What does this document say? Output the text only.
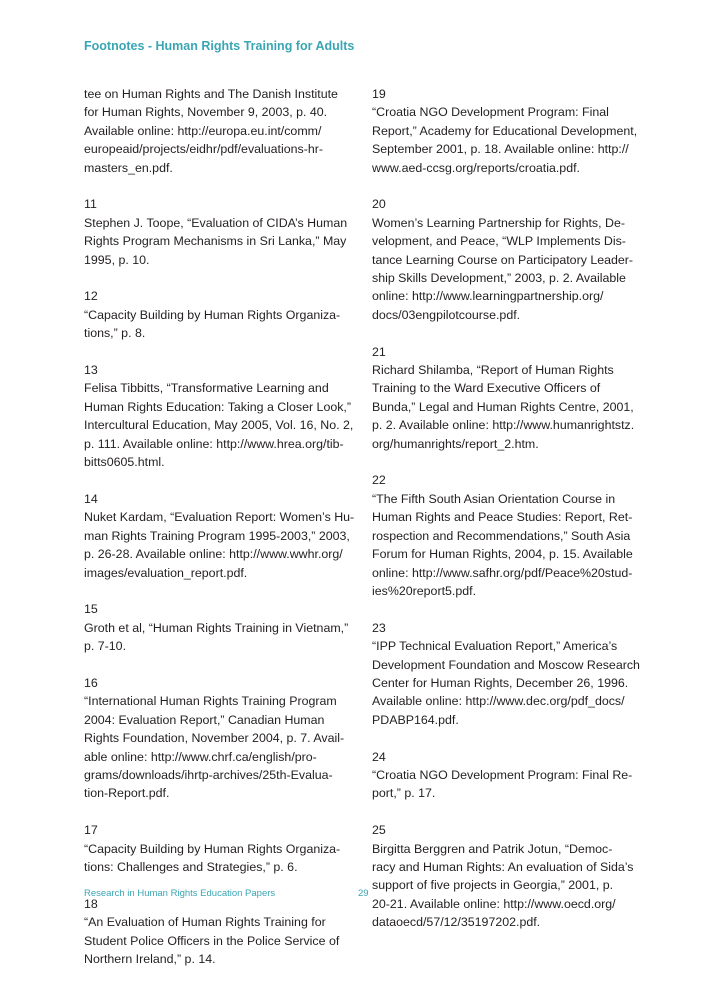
Footnotes - Human Rights Training for Adults
tee on Human Rights and The Danish Institute
for Human Rights, November 9, 2003, p. 40.
Available online: http://europa.eu.int/comm/
europeaid/projects/eidhr/pdf/evaluations-hr-
masters_en.pdf.
11
Stephen J. Toope, “Evaluation of CIDA’s Human
Rights Program Mechanisms in Sri Lanka,” May
1995, p. 10.
12
“Capacity Building by Human Rights Organiza-
tions,” p. 8.
13
Felisa Tibbitts, “Transformative Learning and
Human Rights Education: Taking a Closer Look,”
Intercultural Education, May 2005, Vol. 16, No. 2,
p. 111. Available online: http://www.hrea.org/tib-
bitts0605.html.
14
Nuket Kardam, “Evaluation Report: Women’s Hu-
man Rights Training Program 1995-2003,” 2003,
p. 26-28. Available online: http://www.wwhr.org/
images/evaluation_report.pdf.
15
Groth et al, “Human Rights Training in Vietnam,”
p. 7-10.
16
“International Human Rights Training Program
2004: Evaluation Report,” Canadian Human
Rights Foundation, November 2004, p. 7. Avail-
able online: http://www.chrf.ca/english/pro-
grams/downloads/ihrtp-archives/25th-Evalua-
tion-Report.pdf.
17
“Capacity Building by Human Rights Organiza-
tions: Challenges and Strategies,” p. 6.
18
“An Evaluation of Human Rights Training for
Student Police Officers in the Police Service of
Northern Ireland,” p. 14.
19
“Croatia NGO Development Program: Final
Report,” Academy for Educational Development,
September 2001, p. 18. Available online: http://
www.aed-ccsg.org/reports/croatia.pdf.
20
Women’s Learning Partnership for Rights, De-
velopment, and Peace, “WLP Implements Dis-
tance Learning Course on Participatory Leader-
ship Skills Development,” 2003, p. 2. Available
online: http://www.learningpartnership.org/
docs/03engpilotcourse.pdf.
21
Richard Shilamba, “Report of Human Rights
Training to the Ward Executive Officers of
Bunda,” Legal and Human Rights Centre, 2001,
p. 2. Available online: http://www.humanrightstz.
org/humanrights/report_2.htm.
22
“The Fifth South Asian Orientation Course in
Human Rights and Peace Studies: Report, Ret-
rospection and Recommendations,” South Asia
Forum for Human Rights, 2004, p. 15. Available
online: http://www.safhr.org/pdf/Peace%20stud-
ies%20report5.pdf.
23
“IPP Technical Evaluation Report,” America’s
Development Foundation and Moscow Research
Center for Human Rights, December 26, 1996.
Available online: http://www.dec.org/pdf_docs/
PDABP164.pdf.
24
“Croatia NGO Development Program: Final Re-
port,” p. 17.
25
Birgitta Berggren and Patrik Jotun, “Democ-
racy and Human Rights: An evaluation of Sida’s
support of five projects in Georgia,” 2001, p.
20-21. Available online: http://www.oecd.org/
dataoecd/57/12/35197202.pdf.
Research in Human Rights Education Papers	29
